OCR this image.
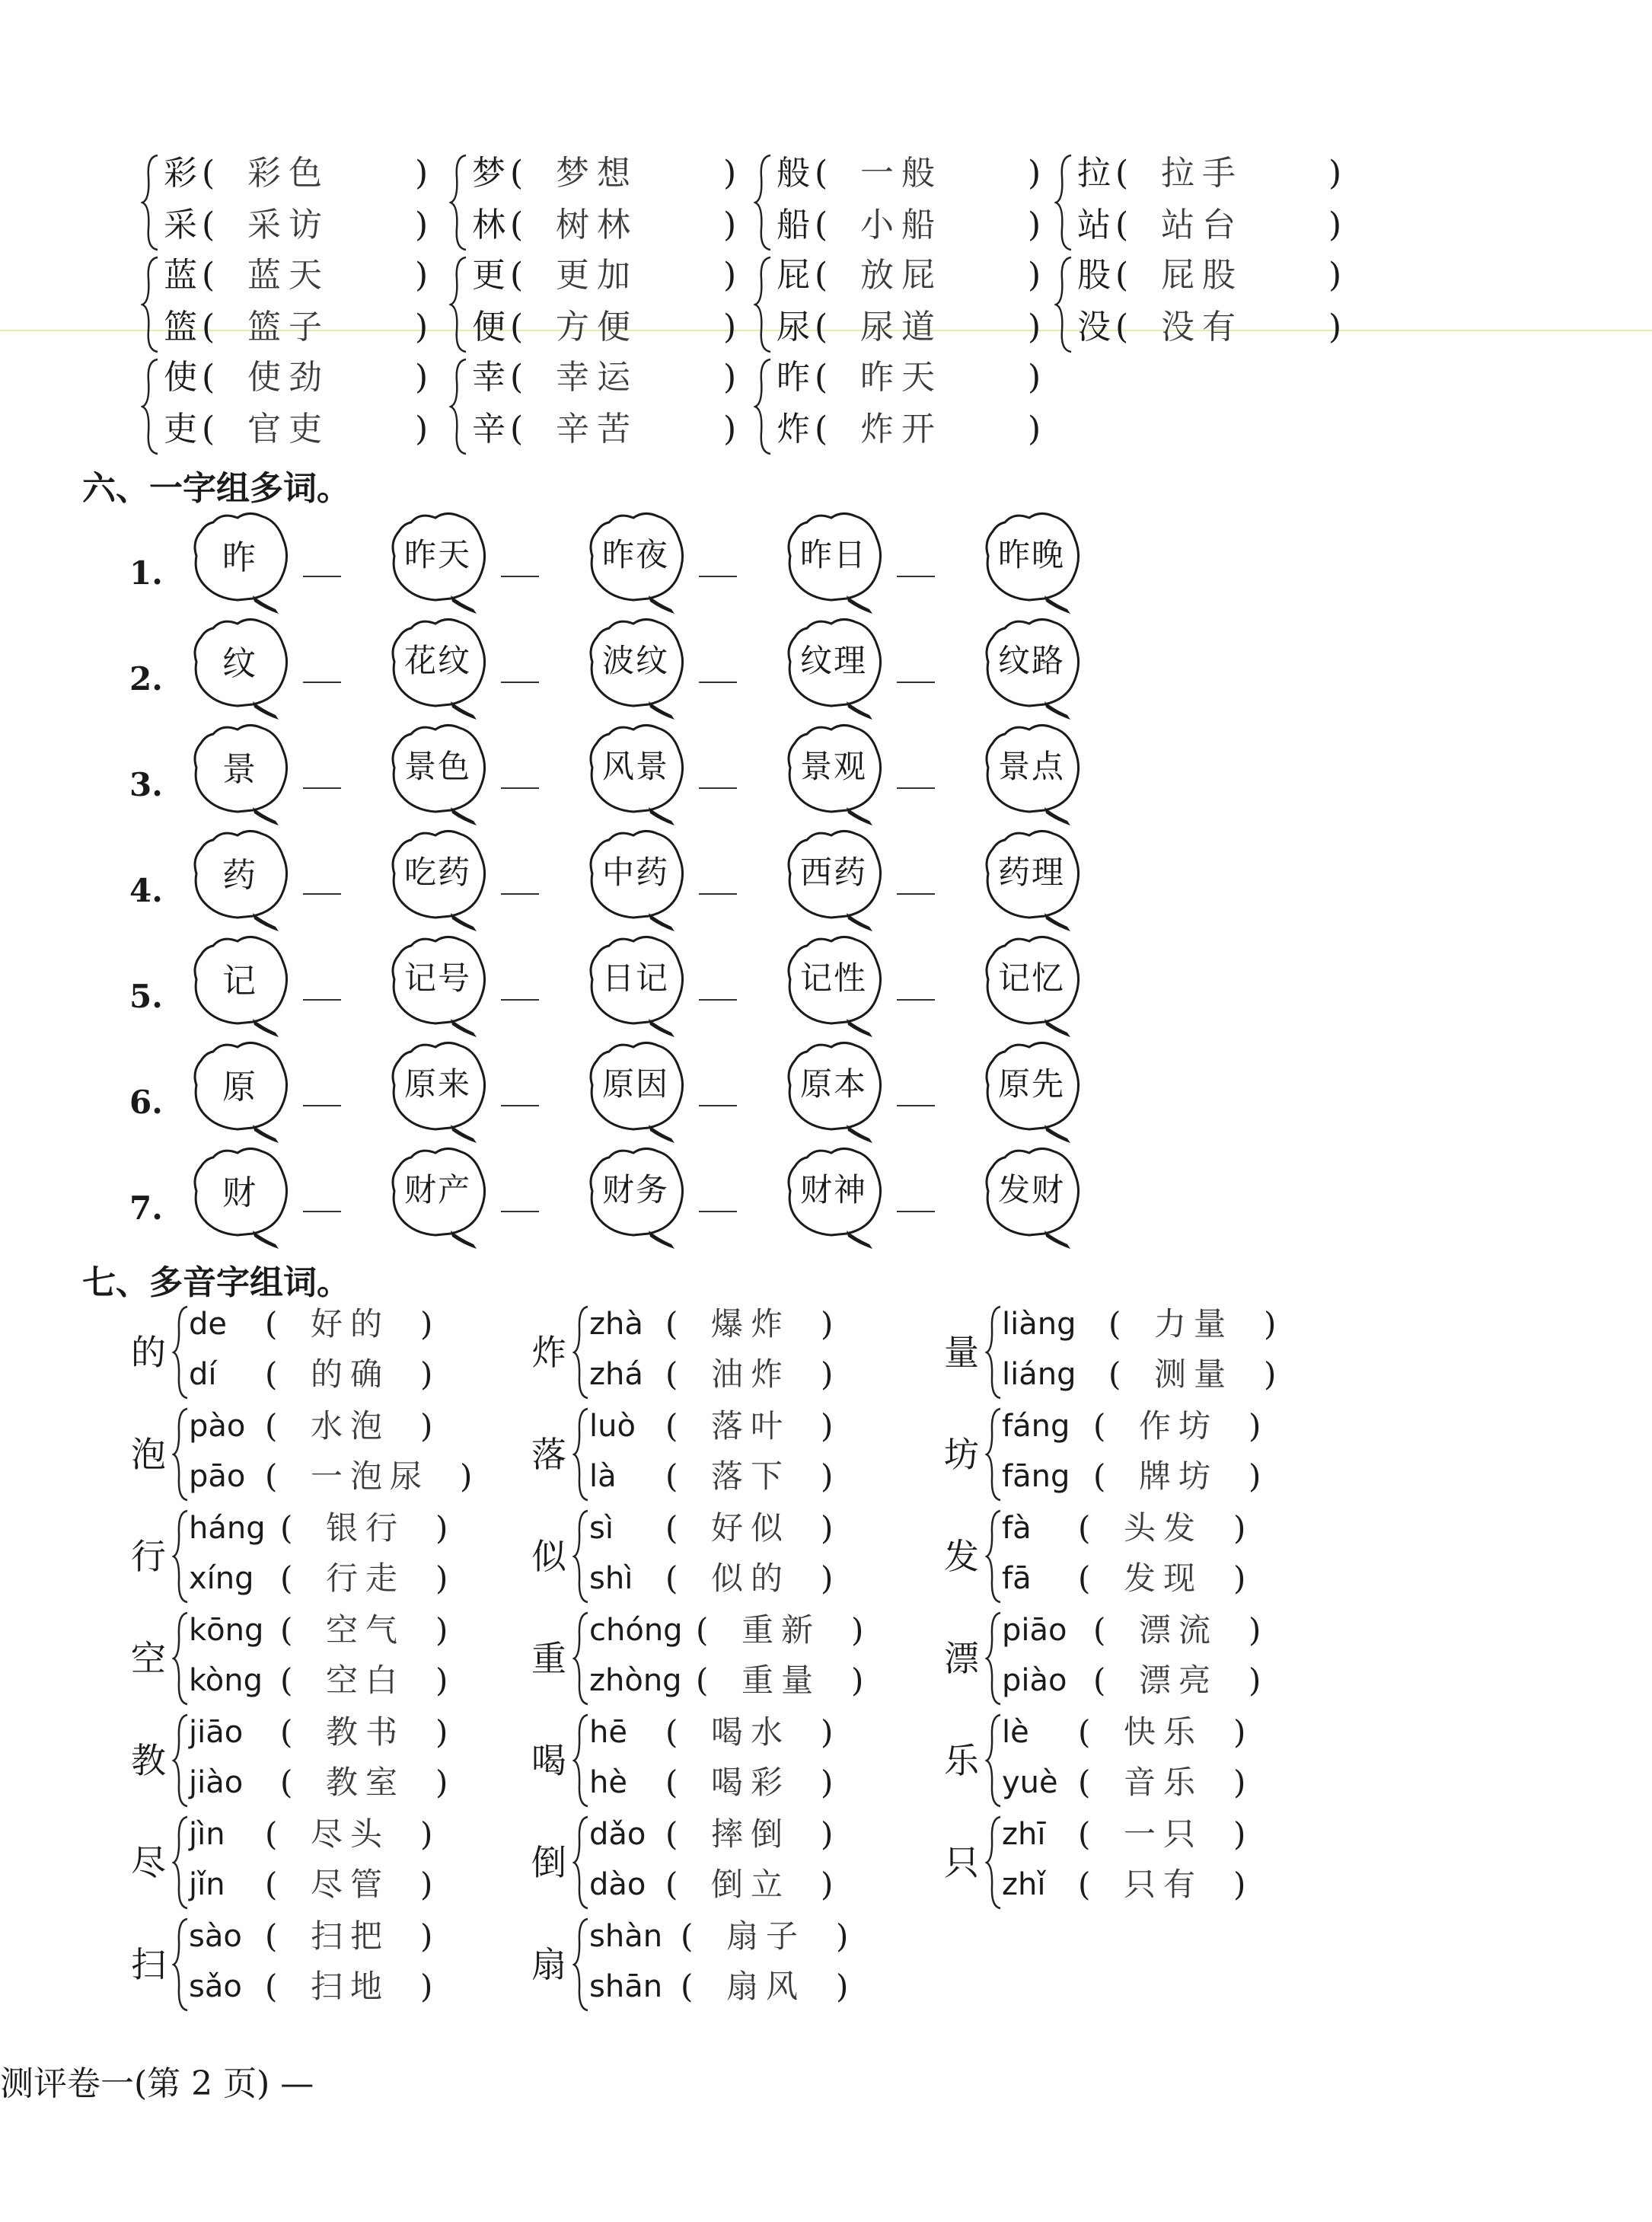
彩 ( 彩色	)
采 ( 采访	)
梦 ( 梦想	)
林 ( 树林	)
般 ( 一般	)
船 ( 小船	)
拉 ( 拉手	)
站 ( 站台	)
蓝 ( 蓝天	)
篮 ( 篮子	)
更 ( 更加	)
便 ( 方便	)
屁 ( 放屁	)
尿 ( 尿道	)
股 ( 屁股	)
没 ( 没有	)
使 ( 使劲	)
吏 ( 官吏	)
幸 ( 幸运	)
辛 ( 辛苦	)
昨 ( 昨天	)
炸 ( 炸开	)
六、一字组多词。
1.	昨	昨天	昨夜	昨日	昨晚
2.	纹	花纹	波纹	纹理	纹路
3.	景	景色	风景	景观	景点
4.	药	吃药	中药	西药	药理
5.	记	记号	日记	记性	记忆
6.	原	原来	原因	原本	原先
7.	财	财产	财务	财神	发财
七、多音字组词。
的
de ( 好的 )
dí ( 的确 )
炸
zhà ( 爆炸 )
zhá ( 油炸 )
量
liàng ( 力量 )
liáng ( 测量 )
泡
pào ( 水泡 )
pāo ( 一泡尿 )
落
luò ( 落叶 )
là ( 落下 )
坊
fáng ( 作坊 )
fāng ( 牌坊 )
行
háng ( 银行 )
xíng ( 行走 )
似
sì ( 好似 )
shì ( 似的 )
发
fà ( 头发 )
fā ( 发现 )
空
kōng ( 空气 )
kòng ( 空白 )
重
chóng ( 重新 )
zhòng ( 重量 )
漂
piāo ( 漂流 )
piào ( 漂亮 )
教
jiāo ( 教书 )
jiào ( 教室 )
喝
hē ( 喝水 )
hè ( 喝彩 )
乐
lè ( 快乐 )
yuè ( 音乐 )
尽
jìn ( 尽头 )
jǐn ( 尽管 )
倒
dǎo ( 摔倒 )
dào ( 倒立 )
只
zhī ( 一只 )
zhǐ ( 只有 )
扫
sào ( 扫把 )
sǎo ( 扫地 )
扇
shàn ( 扇子 )
shān ( 扇风 )
测评卷一(第 2 页) —
